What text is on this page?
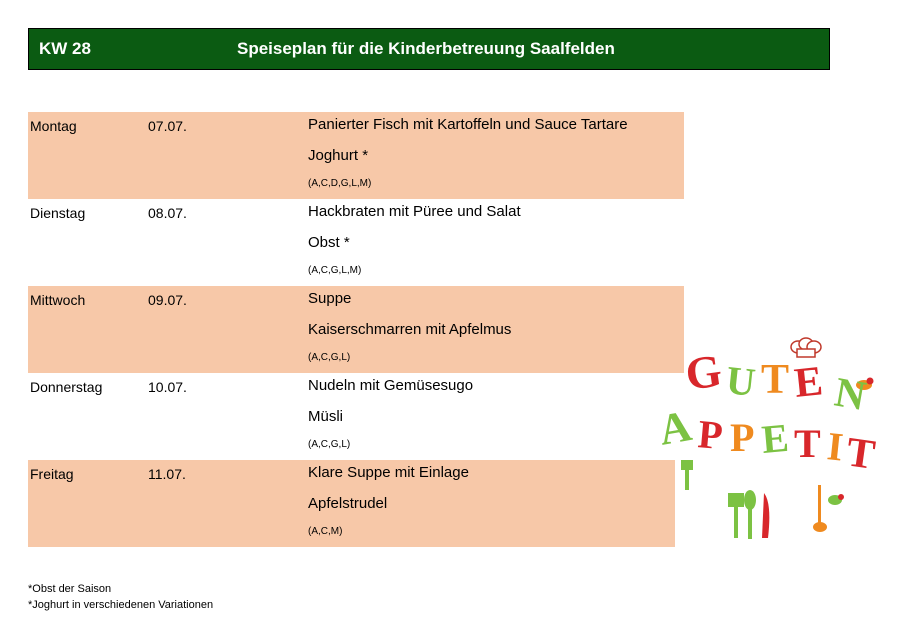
KW 28	Speiseplan für die Kinderbetreuung Saalfelden
Montag	07.07.	Panierter Fisch mit Kartoffeln und Sauce Tartare
Joghurt *
(A,C,D,G,L,M)
Dienstag	08.07.	Hackbraten mit Püree und Salat
Obst *
(A,C,G,L,M)
Mittwoch	09.07.	Suppe
Kaiserschmarren mit Apfelmus
(A,C,G,L)
Donnerstag	10.07.	Nudeln mit Gemüsesugo
Müsli
(A,C,G,L)
Freitag	11.07.	Klare Suppe mit Einlage
Apfelstrudel
(A,C,M)
*Obst der Saison
*Joghurt in verschiedenen Variationen
G U T E N
A P P E T I
T
